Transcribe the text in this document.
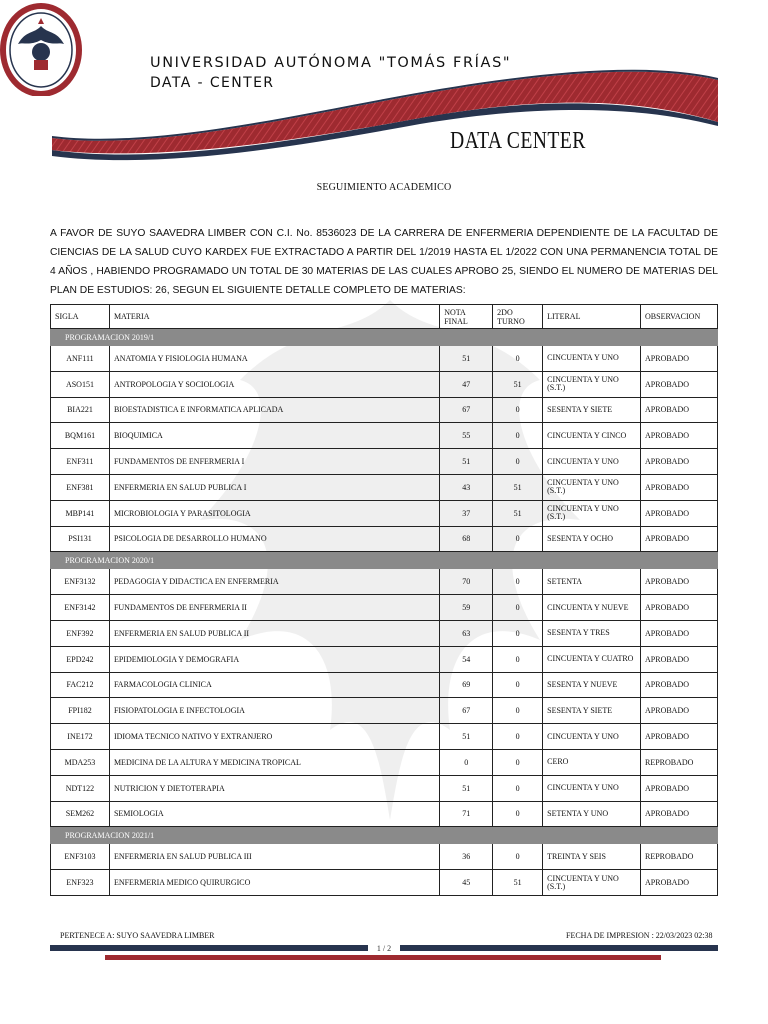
UNIVERSIDAD AUTÓNOMA "TOMÁS FRÍAS"
DATA - CENTER
DATA CENTER
SEGUIMIENTO ACADEMICO
A FAVOR DE SUYO SAAVEDRA LIMBER CON C.I. No. 8536023 DE LA CARRERA DE ENFERMERIA DEPENDIENTE DE LA FACULTAD DE CIENCIAS DE LA SALUD CUYO KARDEX FUE EXTRACTADO A PARTIR DEL 1/2019 HASTA EL 1/2022 CON UNA PERMANENCIA TOTAL DE 4 AÑOS , HABIENDO PROGRAMADO UN TOTAL DE 30 MATERIAS DE LAS CUALES APROBO 25, SIENDO EL NUMERO DE MATERIAS DEL PLAN DE ESTUDIOS: 26, SEGUN EL SIGUIENTE DETALLE COMPLETO DE MATERIAS:
SIGLA	MATERIA	NOTA FINAL	2DO TURNO	LITERAL	OBSERVACION
PROGRAMACION 2019/1					
ANF111	ANATOMIA Y FISIOLOGIA HUMANA	51	0	CINCUENTA Y UNO	APROBADO
ASO151	ANTROPOLOGIA Y SOCIOLOGIA	47	51	CINCUENTA Y UNO (S.T.)	APROBADO
BIA221	BIOESTADISTICA E INFORMATICA APLICADA	67	0	SESENTA Y SIETE	APROBADO
BQM161	BIOQUIMICA	55	0	CINCUENTA Y CINCO	APROBADO
ENF311	FUNDAMENTOS DE ENFERMERIA I	51	0	CINCUENTA Y UNO	APROBADO
ENF381	ENFERMERIA EN SALUD PUBLICA I	43	51	CINCUENTA Y UNO (S.T.)	APROBADO
MBP141	MICROBIOLOGIA Y PARASITOLOGIA	37	51	CINCUENTA Y UNO (S.T.)	APROBADO
PSI131	PSICOLOGIA DE DESARROLLO HUMANO	68	0	SESENTA Y OCHO	APROBADO
PROGRAMACION 2020/1					
ENF3132	PEDAGOGIA Y DIDACTICA EN ENFERMERIA	70	0	SETENTA	APROBADO
ENF3142	FUNDAMENTOS DE ENFERMERIA II	59	0	CINCUENTA Y NUEVE	APROBADO
ENF392	ENFERMERIA EN SALUD PUBLICA II	63	0	SESENTA Y TRES	APROBADO
EPD242	EPIDEMIOLOGIA Y DEMOGRAFIA	54	0	CINCUENTA Y CUATRO	APROBADO
FAC212	FARMACOLOGIA CLINICA	69	0	SESENTA Y NUEVE	APROBADO
FPI182	FISIOPATOLOGIA E INFECTOLOGIA	67	0	SESENTA Y SIETE	APROBADO
INE172	IDIOMA TECNICO NATIVO Y EXTRANJERO	51	0	CINCUENTA Y UNO	APROBADO
MDA253	MEDICINA DE LA ALTURA Y MEDICINA TROPICAL	0	0	CERO	REPROBADO
NDT122	NUTRICION Y DIETOTERAPIA	51	0	CINCUENTA Y UNO	APROBADO
SEM262	SEMIOLOGIA	71	0	SETENTA Y UNO	APROBADO
PROGRAMACION 2021/1					
ENF3103	ENFERMERIA EN SALUD PUBLICA III	36	0	TREINTA Y SEIS	REPROBADO
ENF323	ENFERMERIA MEDICO QUIRURGICO	45	51	CINCUENTA Y UNO (S.T.)	APROBADO
PERTENECE A: SUYO SAAVEDRA LIMBER	FECHA DE IMPRESION : 22/03/2023 02:38
1 / 2
